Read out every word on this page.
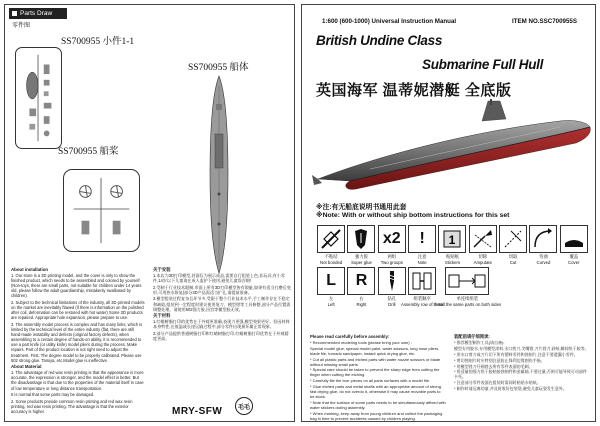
Parts Draw
零件图
SS700955 小件1-1
SS700955 船体
SS700955 船桨
About installation

1. Our store is a 3D printing model, and the cover is only to show the finished product, which needs to be assembled and colored by yourself (Non-toys, there are small parts, not suitable for children under 14 years old, please follow the adult guardianship, mistakenly swallowed by children).

2. Subject to the technical limitations of the industry, all 3D printed models on the market are inevitably flawed (if there is information on the polished after coil, deformation can be restored with hot water) Some 3D products are repaired. Appropriate hole expansion, please prepare to use.

3. The assembly model process is complex and has many links, which is limited by the technical level of the entire industry (flat, there are still hand-made instability and defects (original factory defects), when assembling to a certain degree of hands-on ability, it is recommended to use a part knife (or utility knife) model pliers during the process. Make repairs. Part of the product location is not right need to adjust the treatment. First. The degree model to be properly calibrated. Please use 502 strong glue. Tamiya, etc.Model glue is ineffective.

About Material

1. The advantage of red wax resin printing is that the appearance is more accurate, the expression is stronger, and the model effect is better. But the disadvantage is that due to the properties of the material itself in case of low temperature or long distance transportation.

It is normal that some parts may be damaged.

2. Some products provide common resin printing and red wax resin printing, red wax resin printing. The advantage is that the exterior accuracy is higher.

关于安装

1.本店为3D打印模型,封面仅为展示成品,需要自行组装上色,非玩具,有小零件,14岁以下儿童请在成人监护下使用,避免儿童误吞咽!

2.受制于行业技术限制,市面上所有3D打印模型皆有瑕疵,如果有适当打磨后变形,可用热水恢复)部分3D产品需适当扩孔,请提前准备。

3.模型组装过程复杂且环节多,受限于整个行业技术水平,手工制作存在不稳定和缺陷,组装到一定程度时建议使用笔刀、模型钳等工具修整,部分产品位置需调整处理。请使用502强力胶,田宫等模型胶无效。

关于材料

1.红蜡树脂打印的优势在于外观更准确,表现力更强,模型效果更好。但因材料本身特性,在低温或长途运输过程中,部分零件出现损坏属正常现象。

2.部分产品提供普通树脂打印和红蜡树脂打印,红蜡树脂打印优势在于外观精度更高。

MRY-SFW	毛毛
1:600 (600-1000) Universal Instruction Manual	ITEM NO.SSC700955S
British Undine Class
Submarine Full Hull
英国海军 温蒂妮潜艇 全底版
※注:有无船底说明书通用此套
※Note: With or without ship bottom instructions for this set
不粘结
Not bonded
强力胶
Super glue
x2
两组
Two groups
!
注意
Note
1
贴贴纸
Stickers
切除
Amputate
切取
Cut
弯曲
Curved
覆盖
Cover
L
左
Left
R
右
Right
钻孔
Drill
组装顺序
Assembly row of them
单连续组装
Install the same parts on both sides
Please read carefully before assembly:

* Recommended modeling tools (please bring your own) :

Special model glue, special model paint, water scissors, long nose pliers, blade file, tornado sandpaper, instant quick drying glue, etc.

* Cut all plastic parts and etched parts with water nozzle scissors or blade without missing small parts.

* Special care should be taken to prevent the sharp edge from cutting the finger when cutting the etching.

* Carefully file the burr pieces on all parts surfaces with a model file.

* Glue etched parts and metal shafts with an appropriate amount of strong fast drying glue, do not overdo it, otherwise it may cause movable parts to be stuck.

* Note that the surface of some parts needs to be simultaneously affixed with water stickers during assembly.

* When marking, keep away from young children and collect the packaging bag in time to prevent accidents caused by children playing.

装配前请仔细阅读:

* 推荐模型制作工具(请自备):

模型专用胶水,专用模型漆料,水口剪刀,尖嘴钳,刀片锉刀,砂纸,瞬间快干胶等。

* 用水口剪刀或刀片切下所有塑料零件和蚀刻片,注意不要遗漏小零件。

* 剪切蚀刻片时应特别注意防止锋利边缘割伤手指。

* 用模型锉刀仔细锉去所有零件表面的毛刺。

* 用适量的强力快干胶粘接蚀刻件和金属轴,不要过量,否则可能导致可动部件卡死。

* 注意部分零件表面在组装时需同时粘贴水贴纸。

* 制作时请远离幼童,并及时收好包装袋,避免儿童玩耍发生意外。
